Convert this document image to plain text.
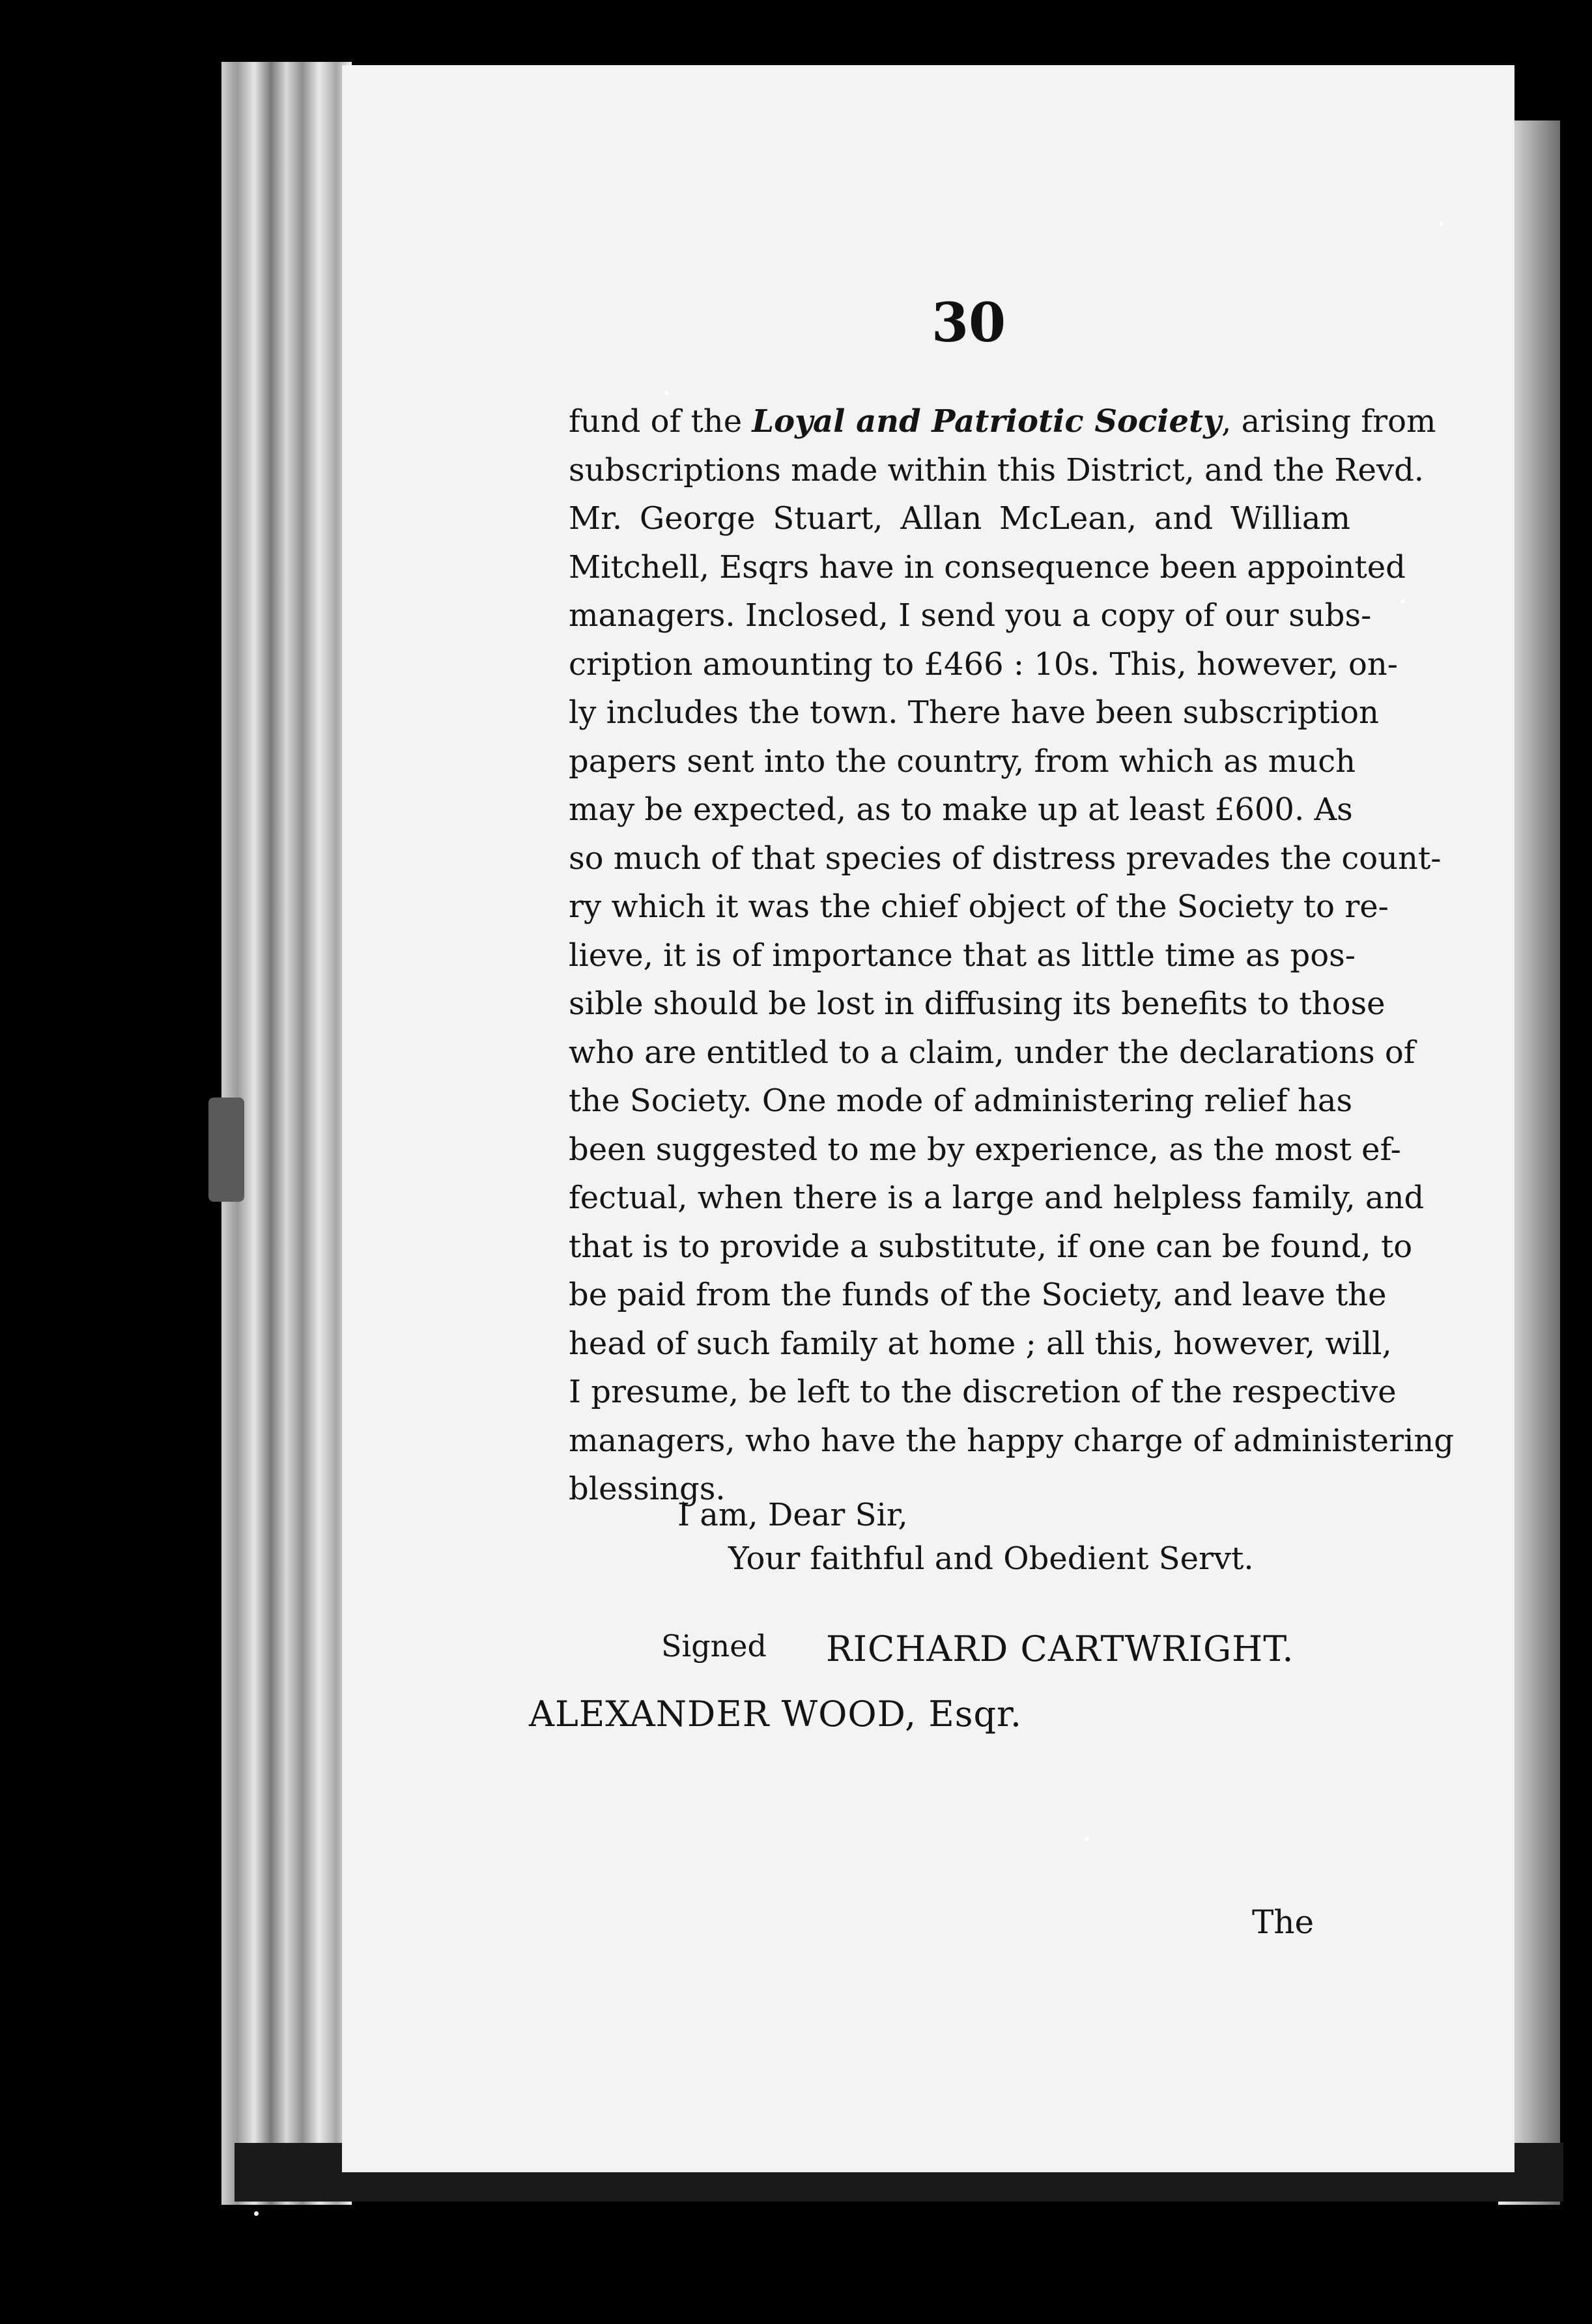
30
fund of the Loyal and Patriotic Society, arising from
subscriptions made within this District, and the Revd.
Mr. George Stuart, Allan McLean, and William
Mitchell, Esqrs have in consequence been appointed
managers. Inclosed, I send you a copy of our subs-
cription amounting to £466 : 10s. This, however, on-
ly includes the town. There have been subscription
papers sent into the country, from which as much
may be expected, as to make up at least £600. As
so much of that species of distress prevades the count-
ry which it was the chief object of the Society to re-
lieve, it is of importance that as little time as pos-
sible should be lost in diffusing its benefits to those
who are entitled to a claim, under the declarations of
the Society. One mode of administering relief has
been suggested to me by experience, as the most ef-
fectual, when there is a large and helpless family, and
that is to provide a substitute, if one can be found, to
be paid from the funds of the Society, and leave the
head of such family at home ; all this, however, will,
I presume, be left to the discretion of the respective
managers, who have the happy charge of administering
blessings.
I am, Dear Sir,
Your faithful and Obedient Servt.
Signed RICHARD CARTWRIGHT.
ALEXANDER WOOD, Esqr.
The
